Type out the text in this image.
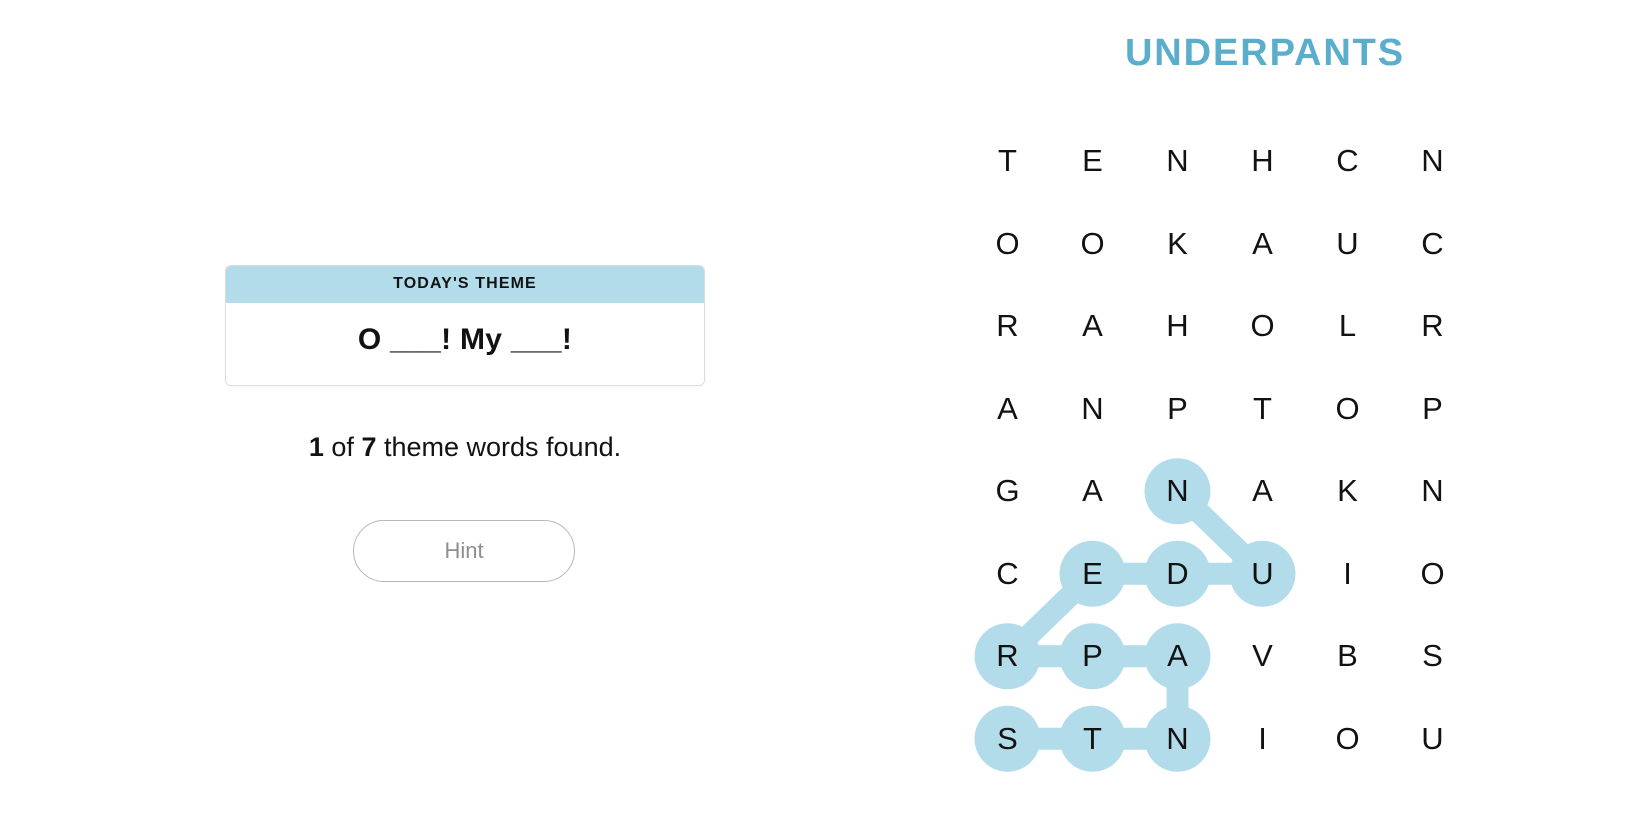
TODAY'S THEME
O ___! My ___!
1 of 7 theme words found.
Hint
UNDERPANTS
T	E	N	H	C	N
O	O	K	A	U	C
R	A	H	O	L	R
A	N	P	T	O	P
G	A	N	A	K	N
C	E	D	U	I	O
R	P	A	V	B	S
S	T	N	I	O	U
